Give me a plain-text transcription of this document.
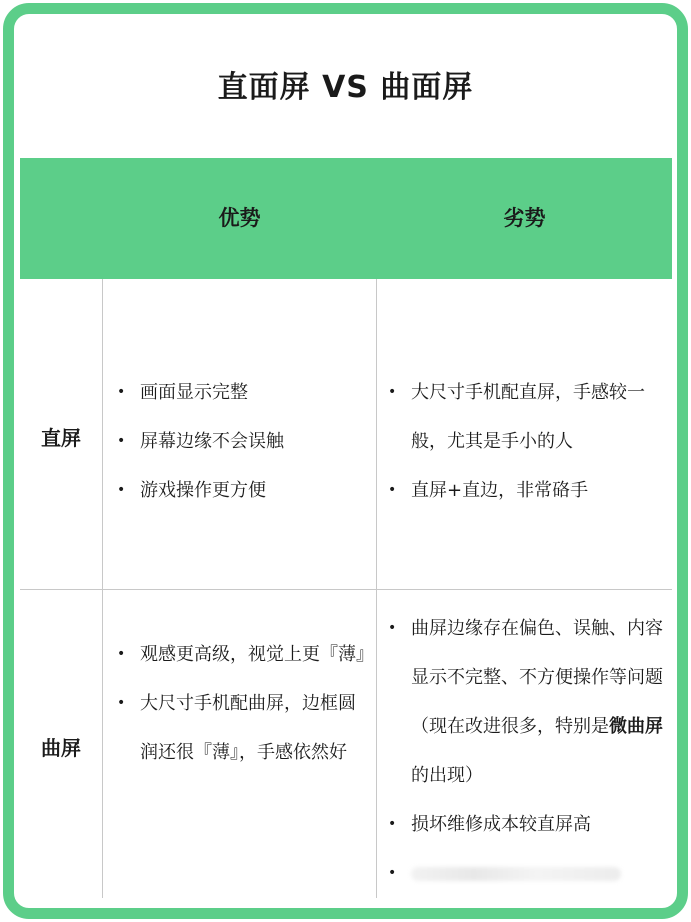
直面屏 VS 曲面屏
优势	劣势
直屏
• 画面显示完整
• 屏幕边缘不会误触
• 游戏操作更方便
• 大尺寸手机配直屏，手感较一般，尤其是手小的人
• 直屏+直边，非常硌手
曲屏
• 观感更高级，视觉上更『薄』
• 大尺寸手机配曲屏，边框圆润还很『薄』，手感依然好
• 曲屏边缘存在偏色、误触、内容显示不完整、不方便操作等问题（现在改进很多，特别是微曲屏的出现）
• 损坏维修成本较直屏高
•
